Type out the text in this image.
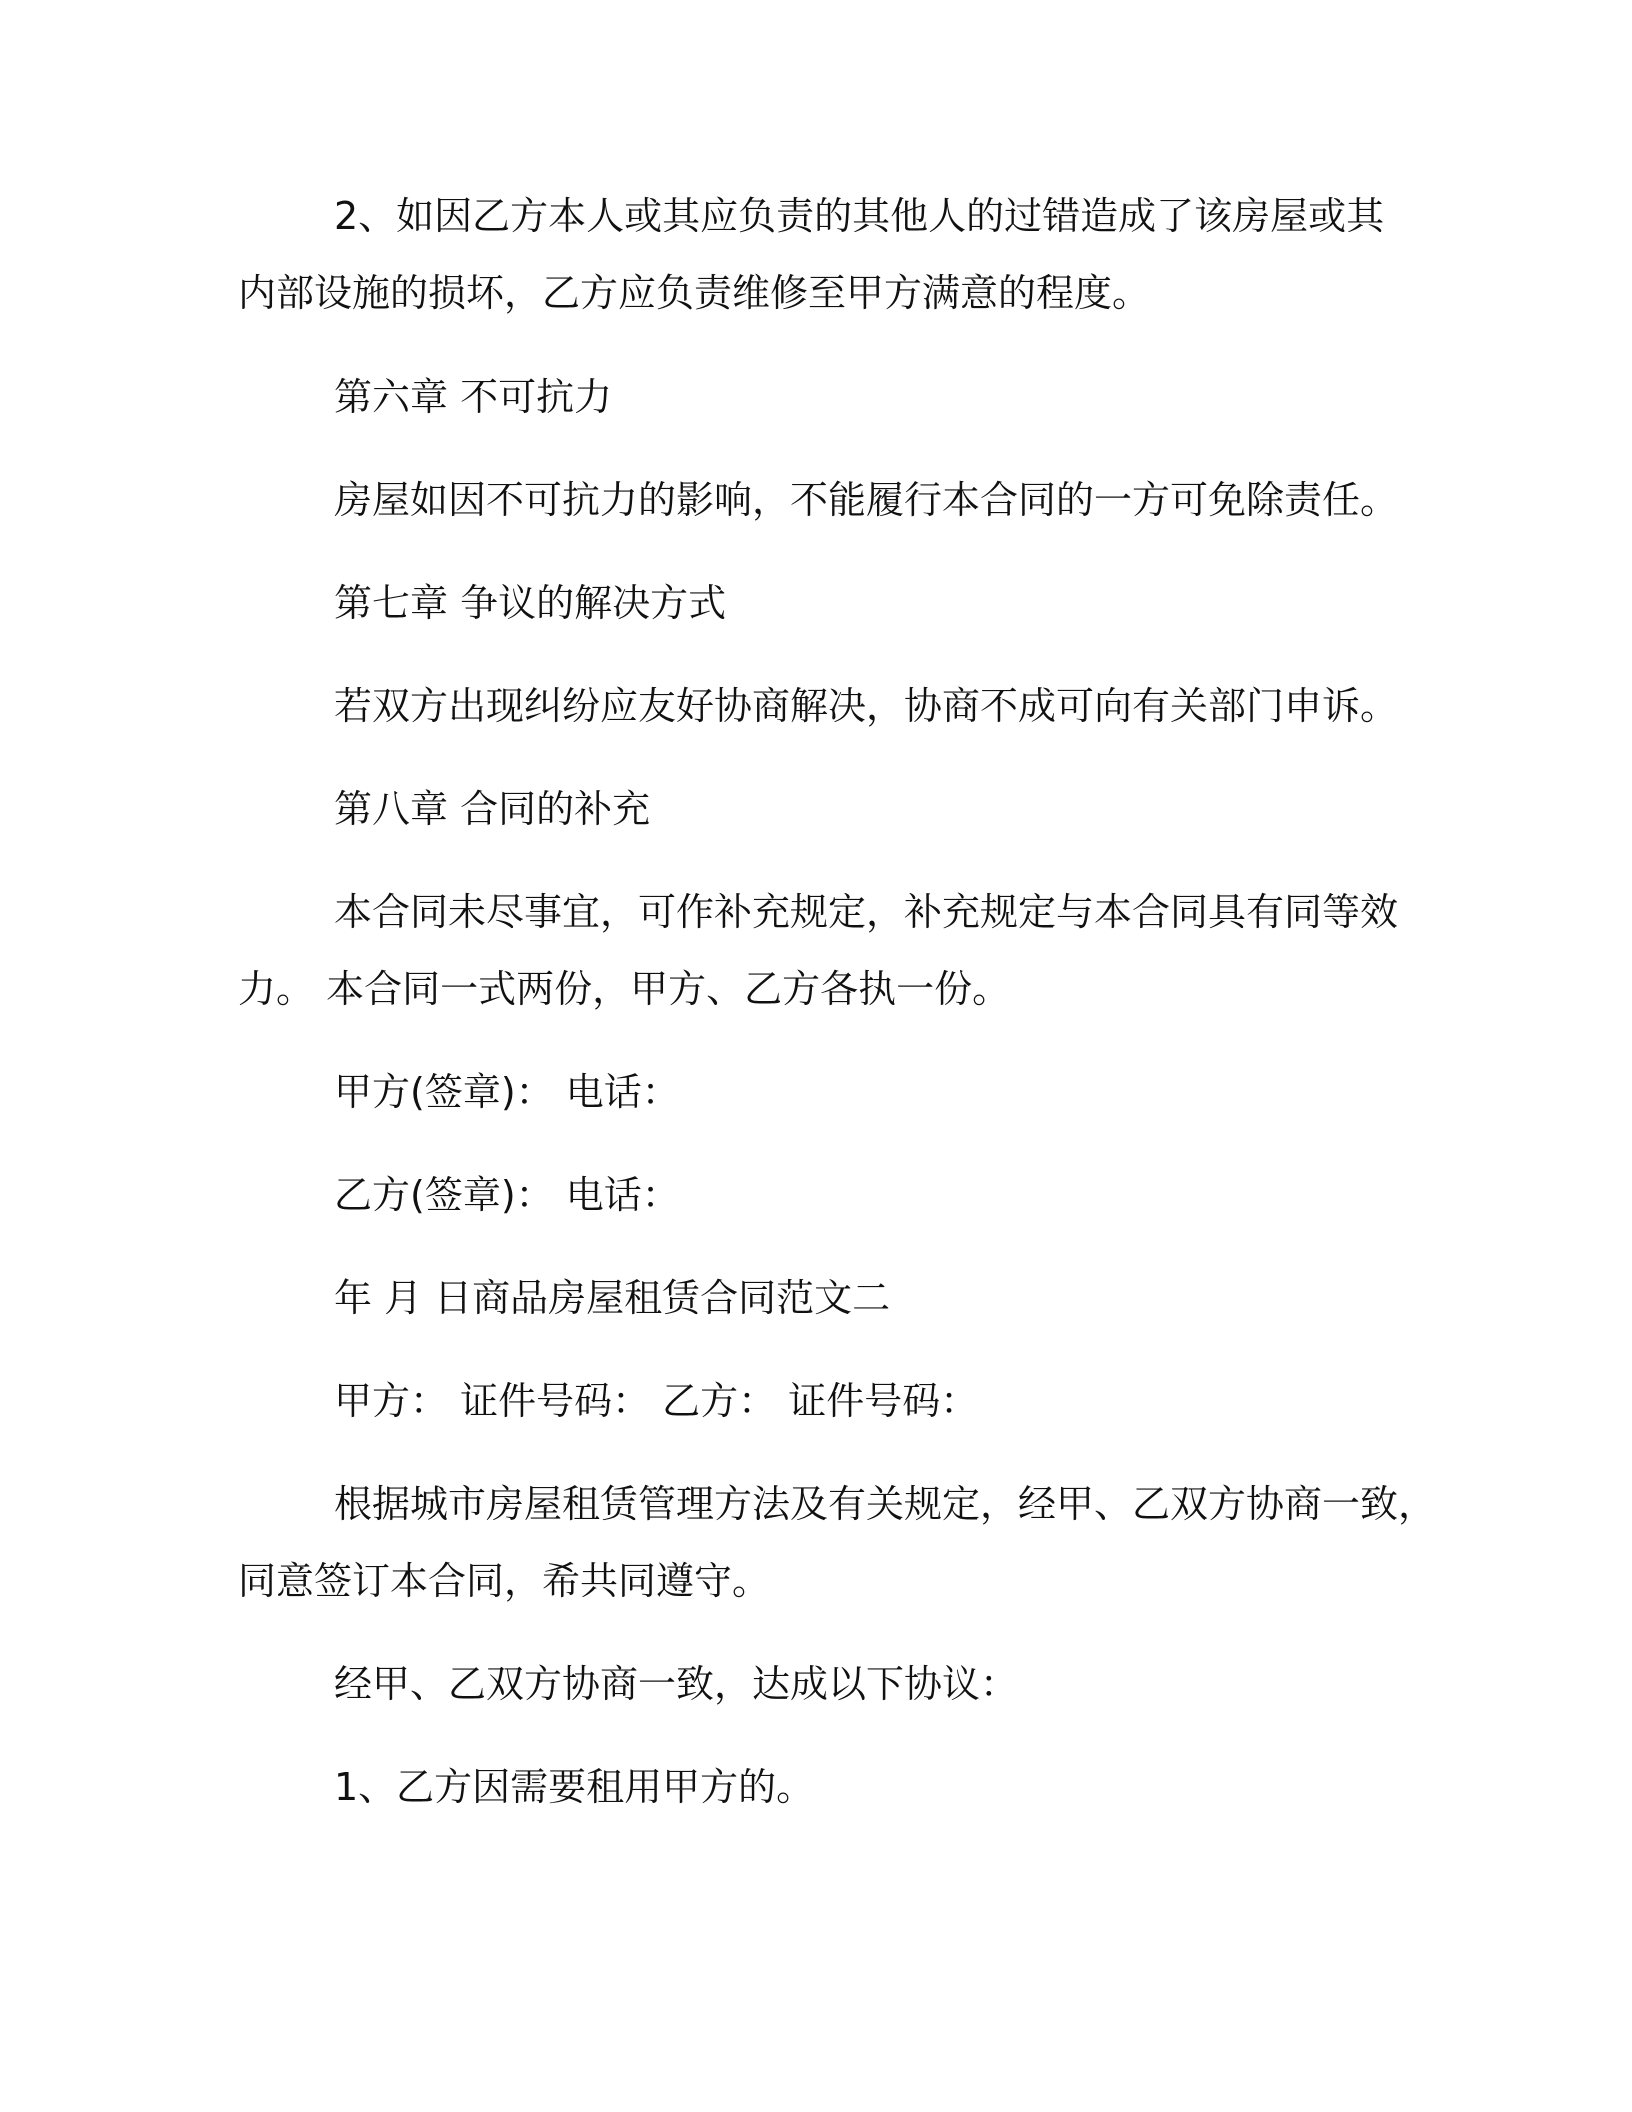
2、如因乙方本人或其应负责的其他人的过错造成了该房屋或其

内部设施的损坏，乙方应负责维修至甲方满意的程度。

第六章 不可抗力

房屋如因不可抗力的影响，不能履行本合同的一方可免除责任。

第七章 争议的解决方式

若双方出现纠纷应友好协商解决，协商不成可向有关部门申诉。

第八章 合同的补充

本合同未尽事宜，可作补充规定，补充规定与本合同具有同等效

力。 本合同一式两份，甲方、乙方各执一份。

甲方(签章)： 电话：

乙方(签章)： 电话：

年 月 日商品房屋租赁合同范文二

甲方： 证件号码： 乙方： 证件号码：

根据城市房屋租赁管理方法及有关规定，经甲、乙双方协商一致，

同意签订本合同，希共同遵守。

经甲、乙双方协商一致，达成以下协议：

1、乙方因需要租用甲方的。
